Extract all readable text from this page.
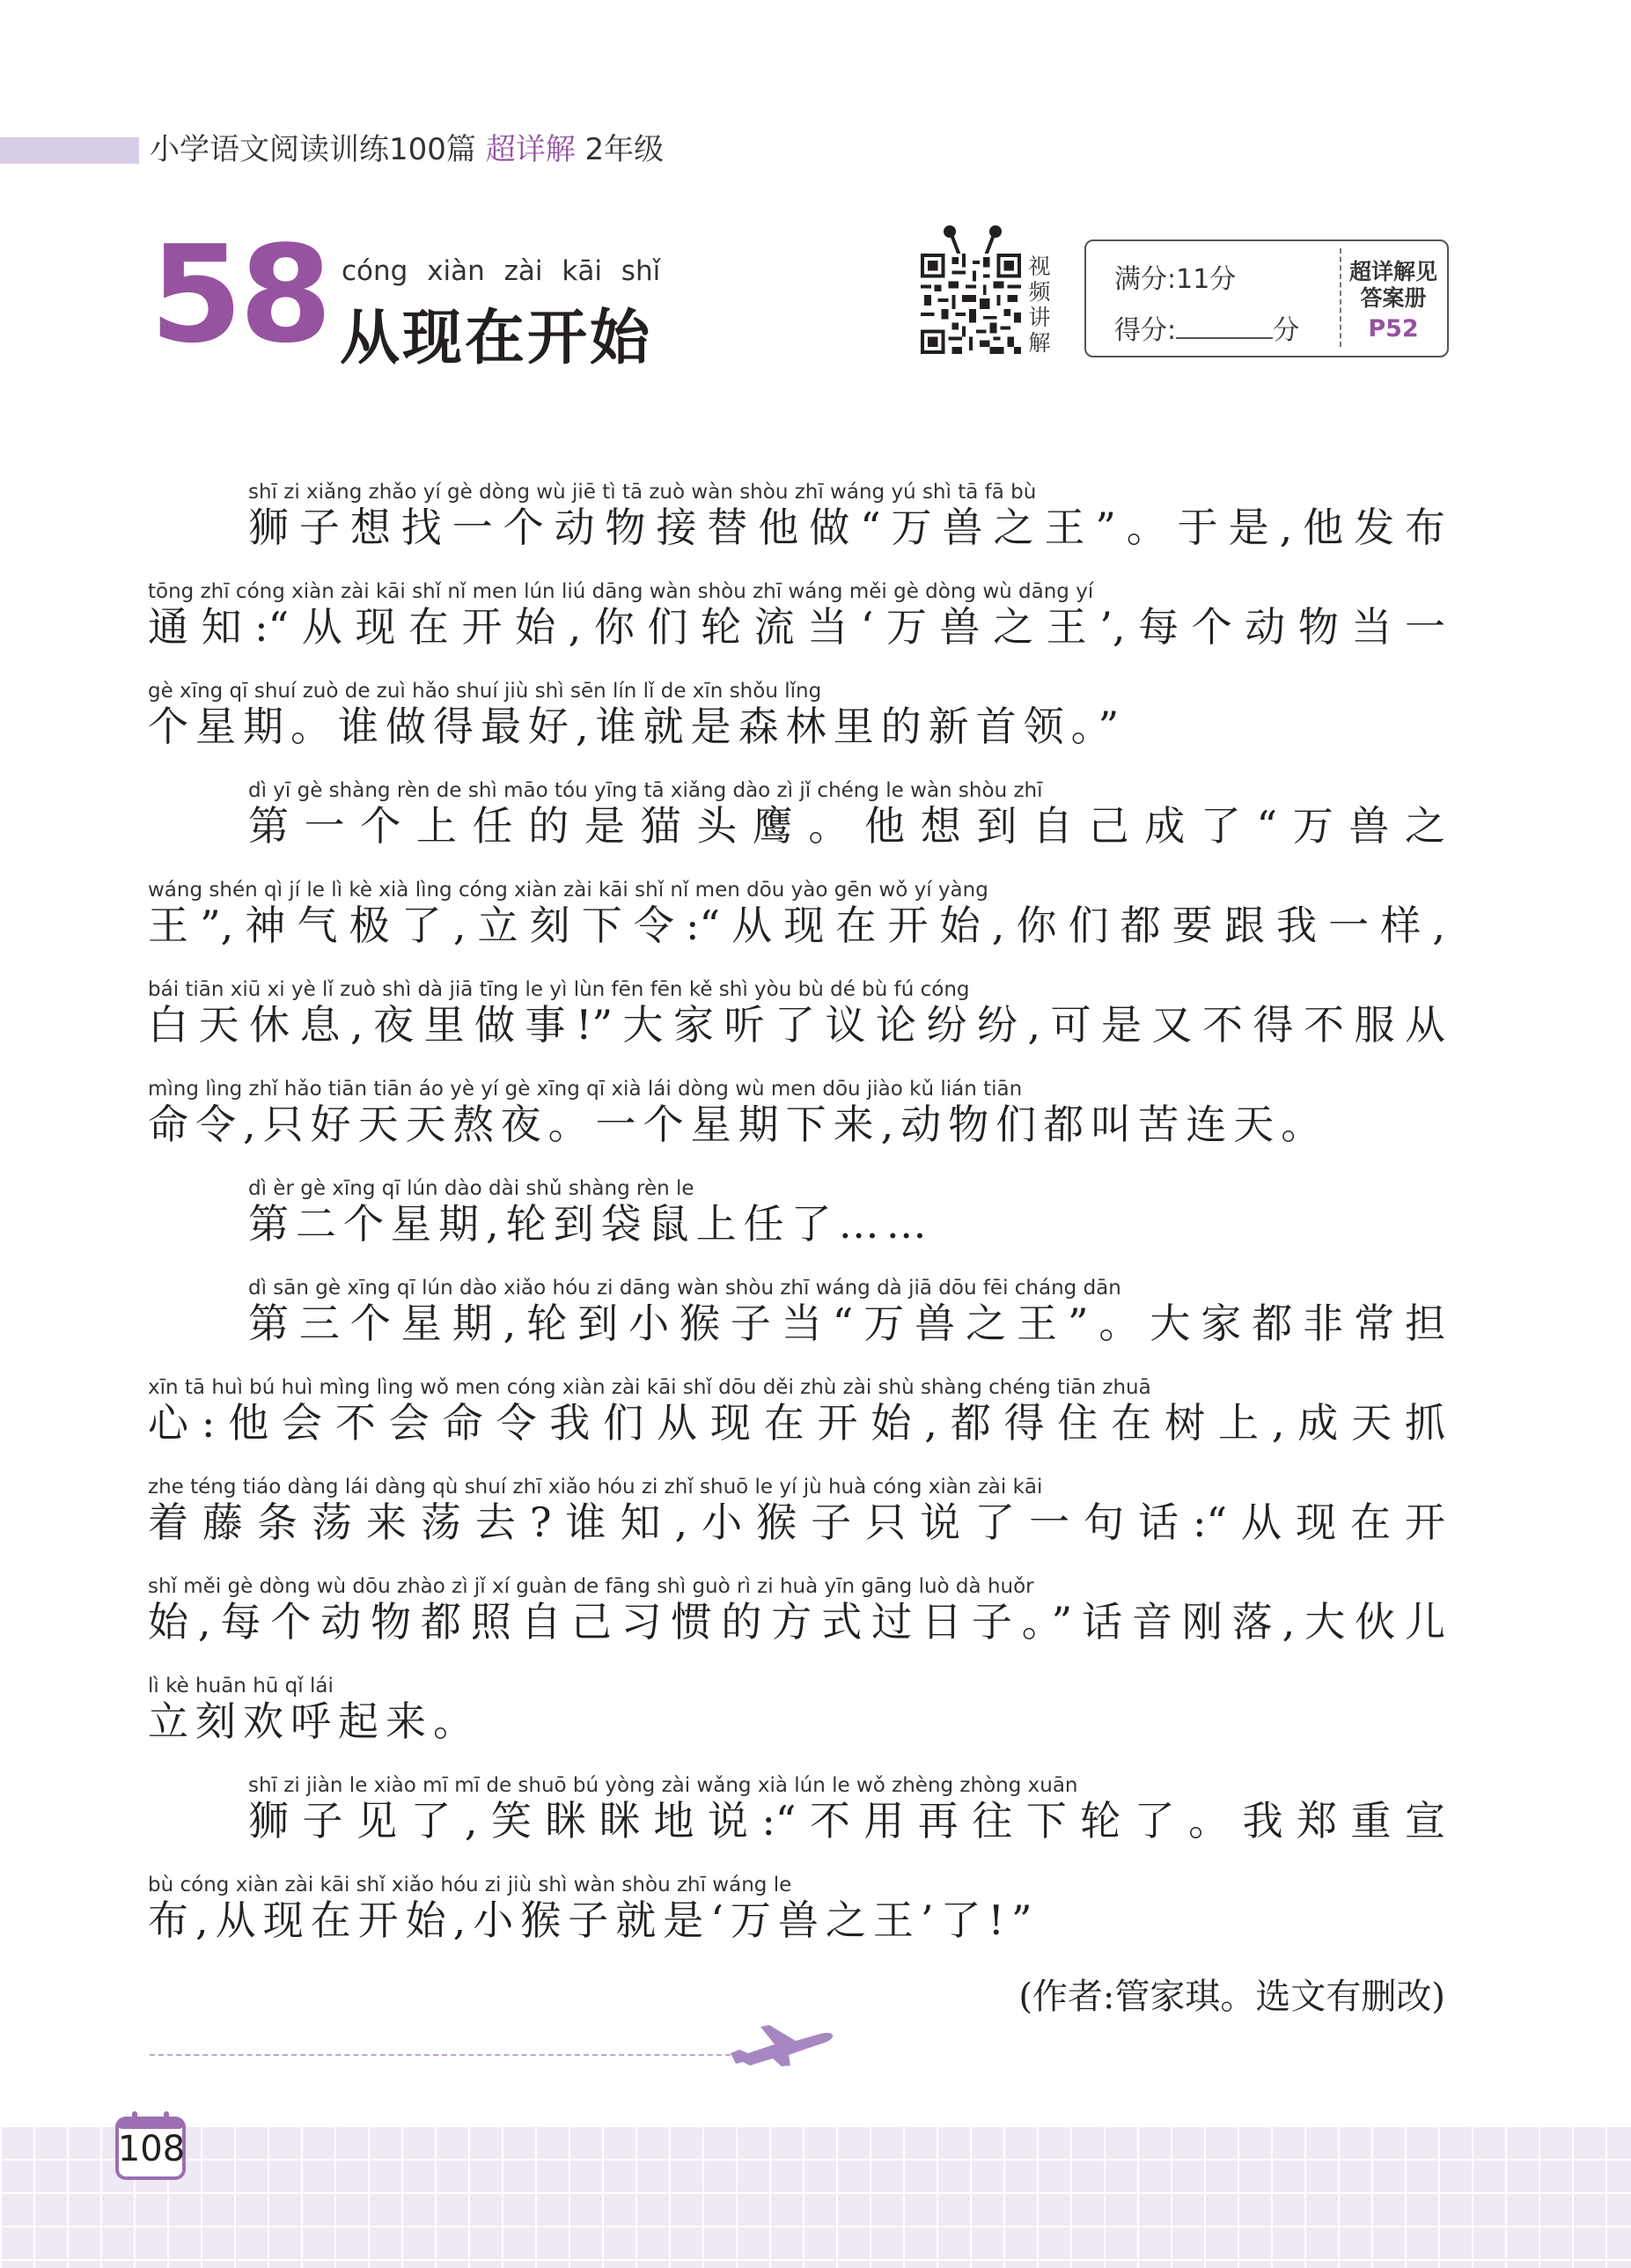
小学语文阅读训练100篇 超详解 2年级
58 cóng xiàn zài kāi shǐ
从现在开始
视频讲解
满分:11分
得分:	分
超详解见答案册
P52
shī zi xiǎng zhǎo yí gè dòng wù jiē tì tā zuò wàn shòu zhī wáng yú shì tā fā bù
狮子想找一个动物接替他做“万兽之王”。于是,他发布
tōng zhī cóng xiàn zài kāi shǐ nǐ men lún liú dāng wàn shòu zhī wáng měi gè dòng wù dāng yí
通知:“从现在开始,你们轮流当‘万兽之王’,每个动物当一
gè xīng qī shuí zuò de zuì hǎo shuí jiù shì sēn lín lǐ de xīn shǒu lǐng
个星期。谁做得最好,谁就是森林里的新首领。”
dì yī gè shàng rèn de shì māo tóu yīng tā xiǎng dào zì jǐ chéng le wàn shòu zhī
第一个上任的是猫头鹰。他想到自己成了“万兽之
wáng shén qì jí le lì kè xià lìng cóng xiàn zài kāi shǐ nǐ men dōu yào gēn wǒ yí yàng
王”,神气极了,立刻下令:“从现在开始,你们都要跟我一样,
bái tiān xiū xi yè lǐ zuò shì dà jiā tīng le yì lùn fēn fēn kě shì yòu bù dé bù fú cóng
白天休息,夜里做事!”大家听了议论纷纷,可是又不得不服从
mìng lìng zhǐ hǎo tiān tiān áo yè yí gè xīng qī xià lái dòng wù men dōu jiào kǔ lián tiān
命令,只好天天熬夜。一个星期下来,动物们都叫苦连天。
dì èr gè xīng qī lún dào dài shǔ shàng rèn le
第二个星期,轮到袋鼠上任了……
dì sān gè xīng qī lún dào xiǎo hóu zi dāng wàn shòu zhī wáng dà jiā dōu fēi cháng dān
第三个星期,轮到小猴子当“万兽之王”。大家都非常担
xīn tā huì bú huì mìng lìng wǒ men cóng xiàn zài kāi shǐ dōu děi zhù zài shù shàng chéng tiān zhuā
心:他会不会命令我们从现在开始,都得住在树上,成天抓
zhe téng tiáo dàng lái dàng qù shuí zhī xiǎo hóu zi zhǐ shuō le yí jù huà cóng xiàn zài kāi
着藤条荡来荡去?谁知,小猴子只说了一句话:“从现在开
shǐ měi gè dòng wù dōu zhào zì jǐ xí guàn de fāng shì guò rì zi huà yīn gāng luò dà huǒr
始,每个动物都照自己习惯的方式过日子。”话音刚落,大伙儿
lì kè huān hū qǐ lái
立刻欢呼起来。
shī zi jiàn le xiào mī mī de shuō bú yòng zài wǎng xià lún le wǒ zhèng zhòng xuān
狮子见了,笑眯眯地说:“不用再往下轮了。我郑重宣
bù cóng xiàn zài kāi shǐ xiǎo hóu zi jiù shì wàn shòu zhī wáng le
布,从现在开始,小猴子就是‘万兽之王’了!”
(作者:管家琪。选文有删改)
108
